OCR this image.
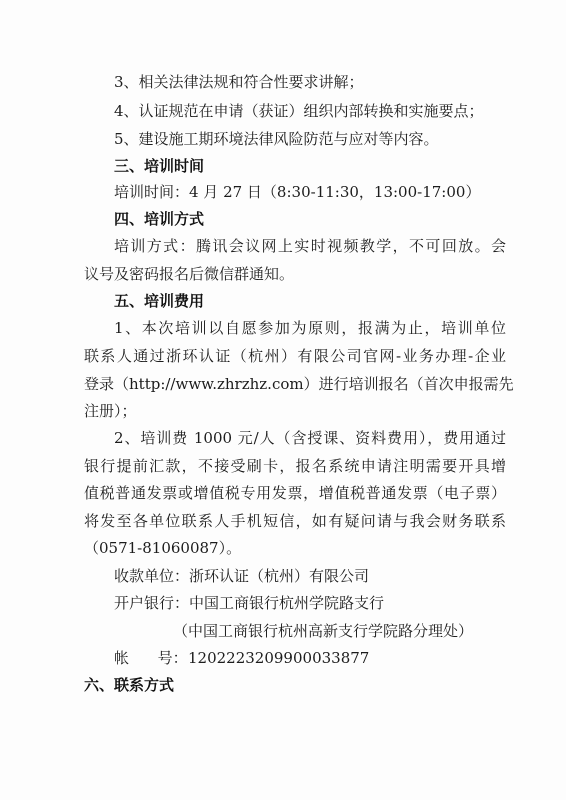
3、相关法律法规和符合性要求讲解；
4、认证规范在申请（获证）组织内部转换和实施要点；
5、建设施工期环境法律风险防范与应对等内容。
三、培训时间
培训时间：4 月 27 日（8:30-11:30，13:00-17:00）
四、培训方式
培训方式：腾讯会议网上实时视频教学，不可回放。会
议号及密码报名后微信群通知。
五、培训费用
1、本次培训以自愿参加为原则，报满为止，培训单位
联系人通过浙环认证（杭州）有限公司官网-业务办理-企业
登录（http://www.zhrzhz.com）进行培训报名（首次申报需先
注册）；
2、培训费 1000 元/人（含授课、资料费用），费用通过
银行提前汇款，不接受刷卡，报名系统申请注明需要开具增
值税普通发票或增值税专用发票，增值税普通发票（电子票）
将发至各单位联系人手机短信，如有疑问请与我会财务联系
（0571-81060087）。
收款单位：浙环认证（杭州）有限公司
开户银行：中国工商银行杭州学院路支行
（中国工商银行杭州高新支行学院路分理处）
帐      号： 1202223209900033877
六、联系方式
